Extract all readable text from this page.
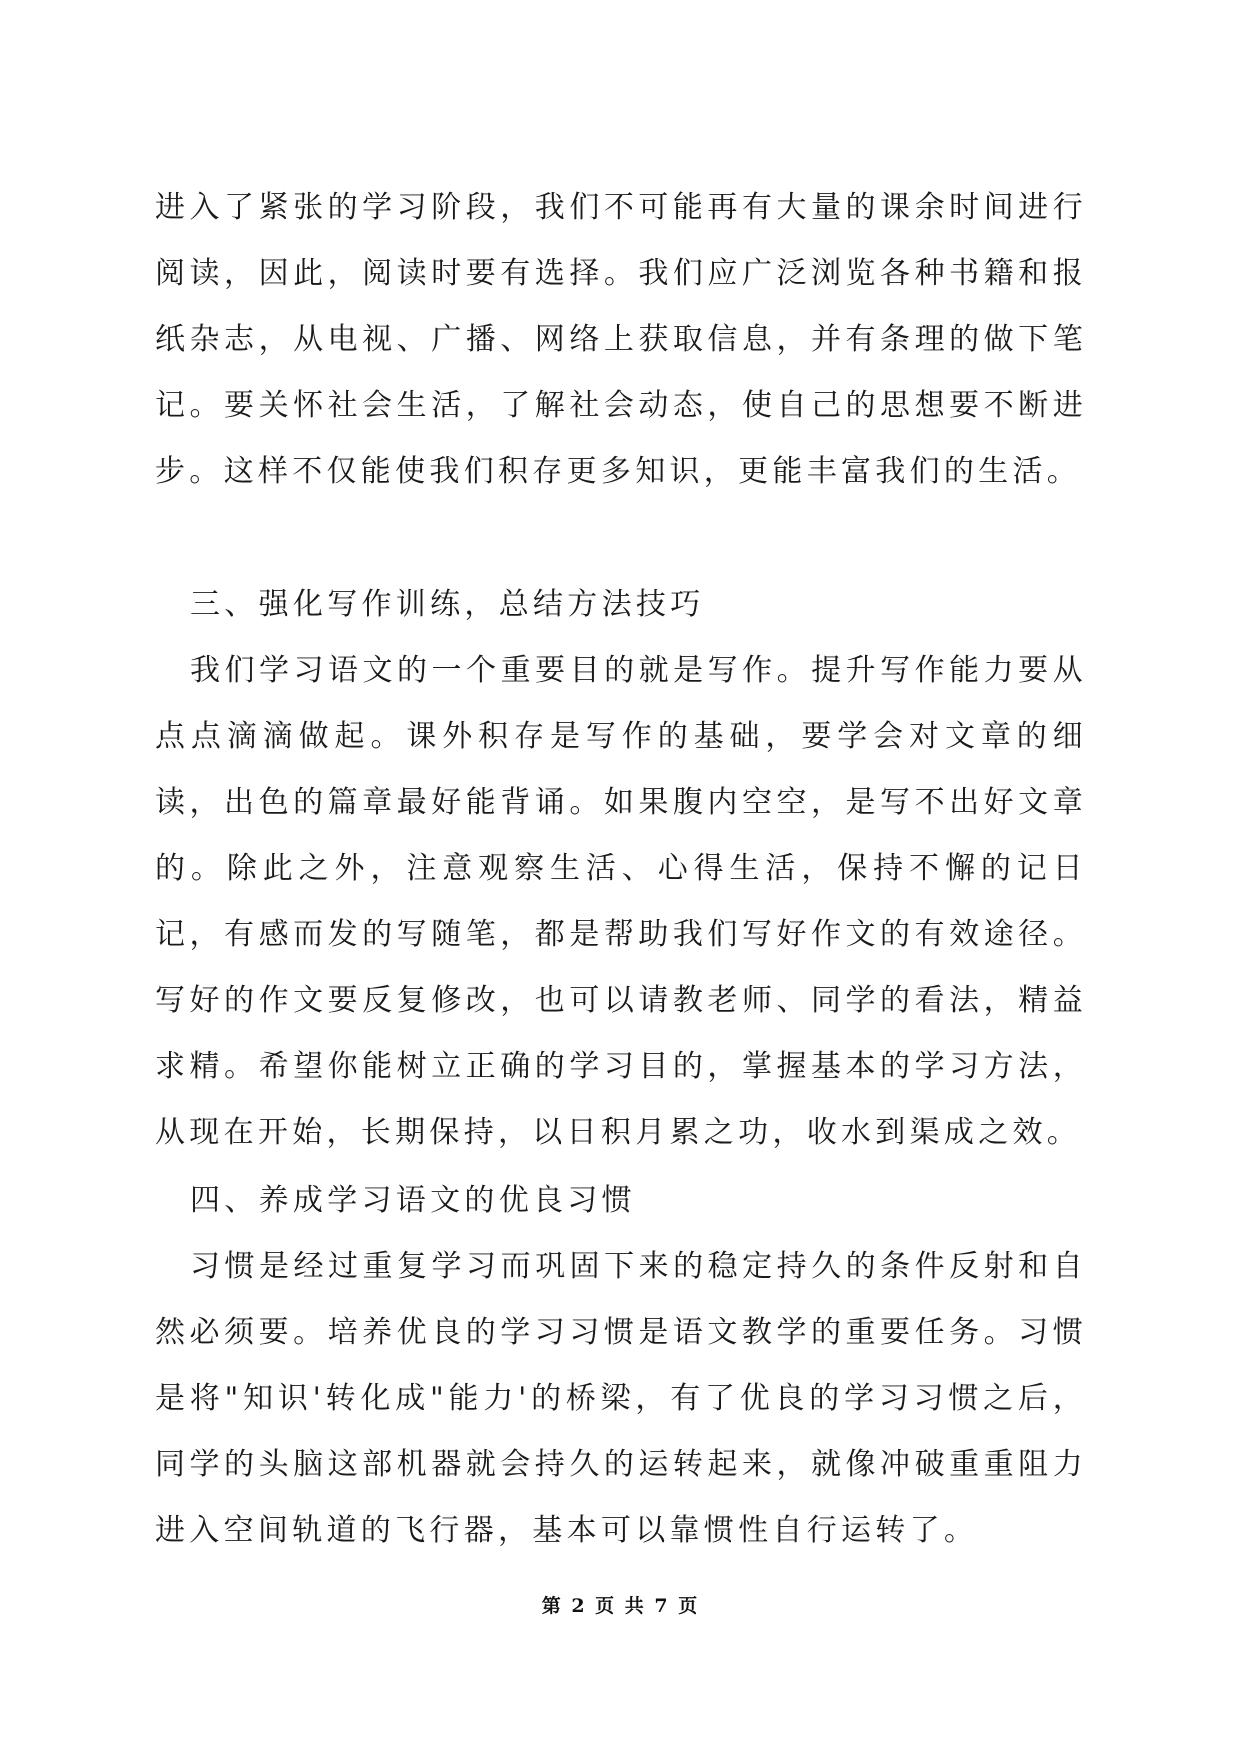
进入了紧张的学习阶段，我们不可能再有大量的课余时间进行阅读，因此，阅读时要有选择。我们应广泛浏览各种书籍和报纸杂志，从电视、广播、网络上获取信息，并有条理的做下笔记。要关怀社会生活，了解社会动态，使自己的思想要不断进步。这样不仅能使我们积存更多知识，更能丰富我们的生活。

三、强化写作训练，总结方法技巧

我们学习语文的一个重要目的就是写作。提升写作能力要从点点滴滴做起。课外积存是写作的基础，要学会对文章的细读，出色的篇章最好能背诵。如果腹内空空，是写不出好文章的。除此之外，注意观察生活、心得生活，保持不懈的记日记，有感而发的写随笔，都是帮助我们写好作文的有效途径。写好的作文要反复修改，也可以请教老师、同学的看法，精益求精。希望你能树立正确的学习目的，掌握基本的学习方法，从现在开始，长期保持，以日积月累之功，收水到渠成之效。

四、养成学习语文的优良习惯

习惯是经过重复学习而巩固下来的稳定持久的条件反射和自然必须要。培养优良的学习习惯是语文教学的重要任务。习惯是将"知识'转化成"能力'的桥梁，有了优良的学习习惯之后，同学的头脑这部机器就会持久的运转起来，就像冲破重重阻力进入空间轨道的飞行器，基本可以靠惯性自行运转了。

第 2 页 共 7 页
